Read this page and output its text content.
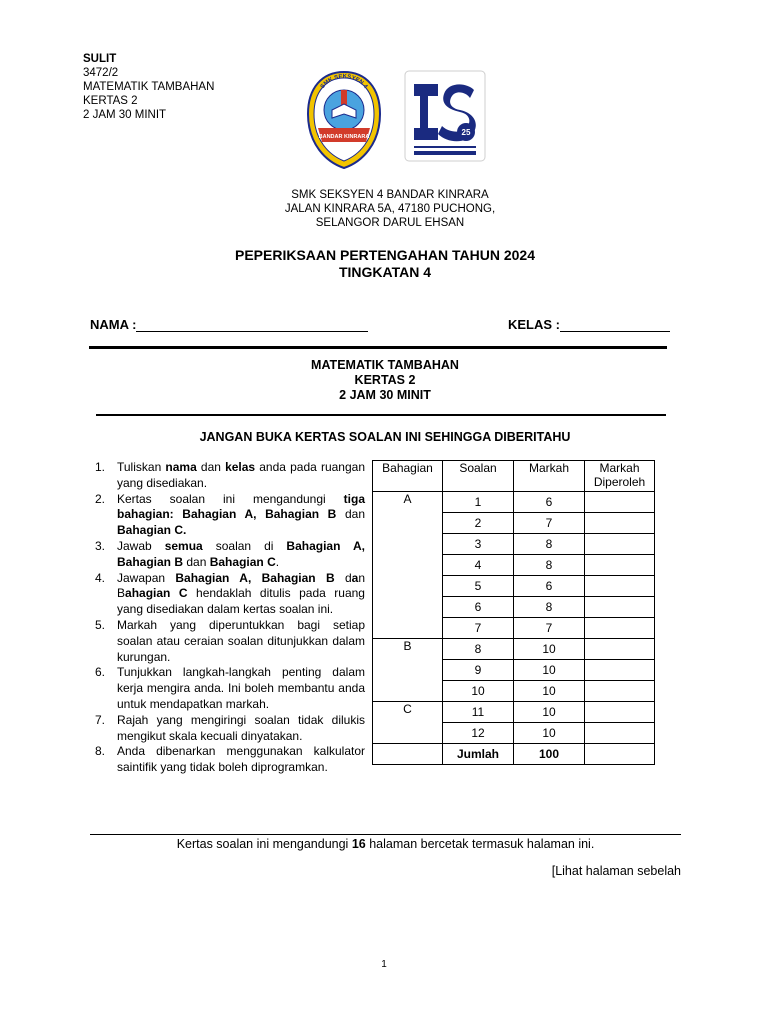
SULIT
3472/2
MATEMATIK TAMBAHAN
KERTAS 2
2 JAM 30 MINIT
SMK SEKSYEN 4
BANDAR KINRARA	25
SMK SEKSYEN 4 BANDAR KINRARA
JALAN KINRARA 5A, 47180 PUCHONG,
SELANGOR DARUL EHSAN
PEPERIKSAAN PERTENGAHAN TAHUN 2024
TINGKATAN 4
NAMA :	KELAS :
MATEMATIK TAMBAHAN
KERTAS 2
2 JAM 30 MINIT
JANGAN BUKA KERTAS SOALAN INI SEHINGGA DIBERITAHU
1. Tuliskan nama dan kelas anda pada ruangan yang disediakan.
2. Kertas soalan ini mengandungi tiga bahagian: Bahagian A, Bahagian B dan Bahagian C.
3. Jawab semua soalan di Bahagian A, Bahagian B dan Bahagian C.
4. Jawapan Bahagian A, Bahagian B dan Bahagian C hendaklah ditulis pada ruang yang disediakan dalam kertas soalan ini.
5. Markah yang diperuntukkan bagi setiap soalan atau ceraian soalan ditunjukkan dalam kurungan.
6. Tunjukkan langkah-langkah penting dalam kerja mengira anda. Ini boleh membantu anda untuk mendapatkan markah.
7. Rajah yang mengiringi soalan tidak dilukis mengikut skala kecuali dinyatakan.
8. Anda dibenarkan menggunakan kalkulator saintifik yang tidak boleh diprogramkan.
Bahagian	Soalan	Markah	Markah Diperoleh
A	1	6	
	2	7	
	3	8	
	4	8	
	5	6	
	6	8	
	7	7	
B	8	10	
	9	10	
	10	10	
C	11	10	
	12	10	
	Jumlah	100	
Kertas soalan ini mengandungi 16 halaman bercetak termasuk halaman ini.
[Lihat halaman sebelah
1
